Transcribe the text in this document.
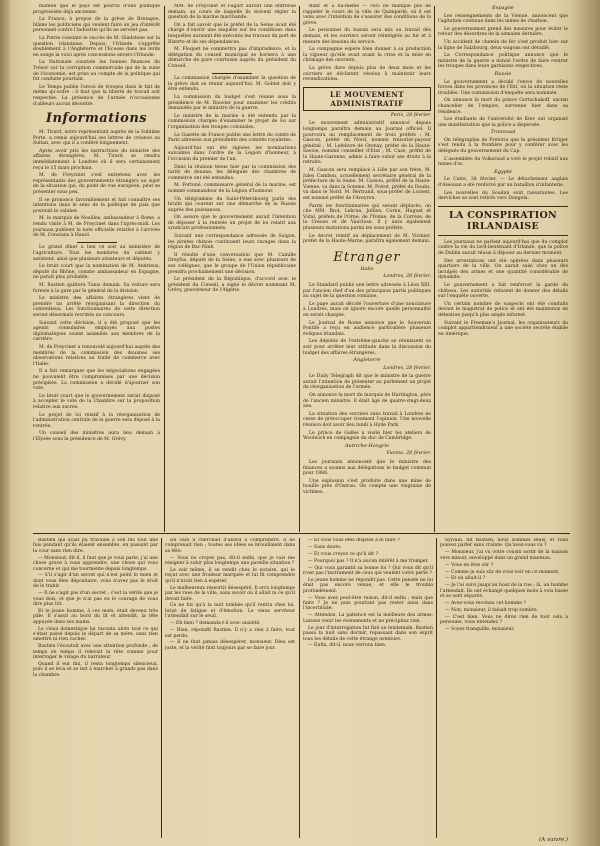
montée que le pays est pourvu d'une politique progressiste déjà ancienne.

La France, à propos de la grève de Bretagne, blâme les politiciens qui veulent faire un jeu d'intérêt personnel contre l'industrie qu'ils ne servent pas.

La Patrie constate le succès de M. Gladstone sur la question irlandaise. Depuis, l'Irlande s'apprête doublement à l'Angleterre et l'Ecosse dans les lords en songe la voici après concessions envers l'Irlande.

La Nationale constate les bonnes finances du Trésor sur la corruption commerciale qui de la suite de l'économie, est prise au compte de la politique qui fut conduite pourtant.

Le Temps publie l'envoi de troupes dans le fait de même qu'ordre : il faut que la liberté de travail soit respectée. La présence de l'armée n'occasionne d'ailleurs aucun désordre.

Informations

M. Tirard, notre représentant auprès de la Sublime Porte, a remis aujourd'hui ses lettres de créance au Sultan, avec qui il a conféré longuement.

Après avoir pris les instructions du ministre des affaires étrangères, M. Tirard se rendra immédiatement à Londres où il sera certainement reçu le 15 mars prochain.

M. de Freycinet s'est entretenu avec les représentants des gouvernements étrangers au sujet de la situation qui, du point de vue européen, peut se présenter sous peu.

Il se prononce favorablement et fait connaître ses intentions dans le sens de la politique de paix que poursuit le cabinet.

M. le marquis de Noailles, ambassadeur à Rome, a rendu visite à M. de Freycinet dans l'après-midi. Les journaux publient la note officielle relative à l'arrivée de M. Constans à Hanoï.

Le grand dîner a lieu ce soir au ministère de l'agriculture. Tous les membres du cabinet y assistent, ainsi que plusieurs sénateurs et députés.

Le bruit court que la nomination de M. Andrieux, député du Rhône, comme ambassadeur en Espagne, ne paraît plus probable.

M. Bastien quittera Tunis demain. Sa voiture sera formée à la gare par le général de la division.

Le ministre des affaires étrangères vient de prendre un arrêté réorganisant la direction du contentieux. Les fonctionnaires de cette direction seront désormais recrutés au concours.

Suivant cette décision, il a été proposé que les agents consulaires employés aux postes diplomatiques soient assimilés aux membres de la carrière.

M. de Freycinet a renouvelé aujourd'hui auprès des membres de la commission des douanes ses observations relatives au traité de commerce avec l'Italie.

Il a fait remarquer que les négociations engagées ne pouvaient être compromises par une décision précipitée. La commission a décidé d'ajourner son vote.

Le bruit court que le gouvernement serait disposé à accepter le vote de la Chambre sur la proposition relative aux sucres.

Le projet de loi relatif à la réorganisation de l'administration centrale de la guerre sera déposé à la rentrée.

Un conseil des ministres aura lieu demain à l'Elysée sous la présidence de M. Grévy.

MM. de Freycinet et Fagart auront une entrevue demain, au cours de laquelle ils doivent régler la question de la marine marchande.

On a fait savoir que le préfet de la Seine avait été chargé d'ouvrir une enquête sur les conditions dans lesquelles auraient été exécutés les travaux du port de Bizerte et de ses dépendances.

M. Floquet ne commettra pas d'imprudence, et la délégation du conseil municipal se bornera à une démarche de pure courtoisie auprès du président du Conseil.

La commission chargée d'examiner la question de la grève doit se réunir aujourd'hui. M. Goblet doit y être entendu.

La commission du budget s'est réunie sous la présidence de M. Rouvier pour examiner les crédits demandés par le ministre de la guerre.

Le ministre de la marine a été entendu par la commission chargée d'examiner le projet de loi sur l'organisation des troupes coloniales.

La Gazette de France publie une lettre du comte de Paris adressée aux présidents des comités royalistes.

Aujourd'hui ont été signées les nominations suivantes dans l'ordre de la Légion d'honneur, à l'occasion du premier de l'an.

Dans la réunion tenue hier par la commission des tarifs de douane, les délégués des chambres de commerce ont été entendus.

M. Fortuné, commissaire général de la marine, est nommé commandeur de la Légion d'honneur.

Un télégramme du Saint-Pétersbourg parle des bruits qui courent sur une démarche de la Russie auprès des puissances.

On assure que le gouvernement aurait l'intention de déposer à la rentrée un projet de loi relatif aux syndicats professionnels.

Suivant une correspondance adressée de Saïgon, les pirates chinois continuent leurs ravages dans la région de Bac-Ninh.

Il résulte d'une conversation que M. Camille Dreyfus, député de la Seine, a eue avec plusieurs de ses collègues, que le groupe de l'Union républicaine prendra prochainement une décision.

Le président de la République, d'accord avec le président du Conseil, a signé le décret nommant M. Grévy, gouverneur de l'Algérie.

Bahr et à lui-même — ceci ne manque pas de rappeler le cours de la ville de Quimperlé, où il est venu avec l'intention de s'assurer des conditions de la grève.

Le personnel du bassin sera mis au travail dès demain, et les ouvriers seront réintégrés au fur et à mesure des besoins du service.

La compagnie espère bien donner à sa production la vigueur qu'elle avait avant la crise et la mise en chômage des ouvriers.

La grève dure depuis plus de deux mois et les ouvriers se déclarent résolus à maintenir leurs revendications.

LE MOUVEMENT ADMINISTRATIF
Paris, 28 février.

Le mouvement administratif annoncé depuis longtemps paraîtra demain au Journal officiel. Il pourvoira au remplacement de trois préfets : M. Gascon, préfet du Nord, nommé trésorier-payeur général ; M. Lefebvre de Grenay, préfet de la Haute-Savoie, nommé conseiller d'Etat ; M. Caze, préfet de la Haute-Garonne, admis à faire valoir ses droits à la retraite.

M. Gascon sera remplacé à Lille par son frère, M. Jules Cambon, actuellement secrétaire général de la préfecture de la Seine. M. Cassou, préfet de la Haute-Vienne, va dans la Somme. M. Poirot, préfet du Doubs, va dans le Nord. M. Bertrand, sous-préfet de Lorient, est nommé préfet de l'Aveyron.

Parmi les fonctionnaires qui seront déplacés, on cite MM. Brot, Lebrun, Jullien, Cornu, Huguet et Vidal, préfets de l'Orne, de l'Yonne, de la Corrèze, de la Creuse et de Vaucluse. Il y aura également plusieurs mutations parmi les sous-préfets.

Le décret relatif au déplacement de M. Vicinier, préfet de la Haute-Marne, paraîtra également demain.

Etranger
Italie
Londres, 28 février.

Le Standard publie une lettre adressée à Léon XIII, par l'ancien chef d'un des principaux partis politiques au sujet de la question romaine.

Le pape aurait décidé l'ouverture d'une nonciature à Londres, mais on ignore encore quelle personnalité en serait chargée.

Le Journal de Rome annonce que le Souverain Pontife a reçu en audience particulière plusieurs évêques irlandais.

Les députés de l'extrême-gauche se réunissent ce soir pour arrêter leur attitude dans la discussion du budget des affaires étrangères.

Angleterre
Londres, 28 février.

Le Daily Telegraph dit que le ministre de la guerre aurait l'intention de présenter au parlement un projet de réorganisation de l'armée.

On annonce la mort du marquis de Hartington, père de l'ancien ministre. Il était âgé de quatre-vingt-deux ans.

La situation des ouvriers sans travail à Londres ne cesse de préoccuper vivement l'opinion. Une nouvelle réunion doit avoir lieu lundi à Hyde Park.

Le prince de Galles a visité hier les ateliers de Woolwich en compagnie du duc de Cambridge.

Autriche-Hongrie
Vienne, 28 février.

Les journaux annoncent que le ministre des finances a soumis aux délégations le budget commun pour 1886.

Une explosion s'est produite dans une mine de houille près d'Ostrau. On compte une vingtaine de victimes.

Espagne

Les renseignements de la Vienne, annoncent que l'agitation continue dans les mines de charbon.

Le gouvernement prend des mesures pour éviter le retour des désordres de la semaine dernière.

Un accident de chemin de fer s'est produit hier sur la ligne de Salzbourg, deux wagons ont déraillé.

La Correspondance politique annonce que le ministre de la guerre a donné l'ordre de faire rentrer les troupes dans leurs garnisons respectives.

Russie

Le gouvernement a décidé l'envoi de nouvelles forces dans les provinces de l'Est, où la situation reste troublée. Une commission d'enquête sera nommée.

On annonce la mort du prince Gortschakoff, ancien chancelier de l'empire, survenue hier dans sa résidence.

Les étudiants de l'université de Kiev ont organisé une manifestation que la police a dispersée.

Transvaal

On télégraphie de Pretoria que le président Krüger s'est rendu à la frontière pour y conférer avec les délégués du gouvernement du Cap.

L'assemblée du Volksraad a voté le projet relatif aux mines d'or.

Egypte

Le Caire, 28 février. — Le détachement anglais d'Assouan a été renforcé par un bataillon d'infanterie.

Les nouvelles du Soudan sont rassurantes. Les derviches se sont retirés vers Dongola.

LA CONSPIRATION IRLANDAISE

Les journaux ne parlent aujourd'hui que du complot contre la vie du lord-lieutenant d'Irlande, que la police de Dublin aurait réussi à déjouer au dernier moment.

Des arrestations ont été opérées dans plusieurs quartiers de la ville. On aurait saisi chez un des inculpés des armes et une quantité considérable de dynamite.

Le gouvernement a fait renforcer la garde du château. Les autorités refusent de donner des détails sur l'enquête ouverte.

Un certain nombre de suspects ont été conduits devant le magistrat de police et ont été maintenus en détention jusqu'à plus ample informé.

Suivant le Freeman's Journal, les organisateurs du complot appartiendraient à une société secrète établie en Amérique.

Bastien qui avait pu travaille à son fils tout une fois pendant qu'ils étaient ensemble, en passant par la cour sans rien dire.

— Monsieur, dit-il, il faut que je vous parle, j'ai une chose grave à vous apprendre, une chose qui vous concerne et qui me tourmente depuis longtemps.

— S'il s'agit d'un secret qui n'est point le mien et dont vous êtes dépositaire, vous n'avez pas le droit de le trahir.

— Il ne s'agit pas d'un secret ; c'est la vérité que je vous dois, et que je n'ai pas eu le courage de vous dire plus tôt.

Et le jeune homme, à ces mots, était devenu très pâle. Il s'assit au bord du lit et attendit, la tête appuyée dans ses mains.

Le vieux domestique lui raconta alors tout ce qui s'était passé depuis le départ de sa mère, sans rien omettre ni rien cacher.

Bastien l'écoutait avec une attention profonde ; de temps en temps il relevait la tête comme pour interroger le visage du narrateur.

Quand il eut fini, il resta longtemps silencieux, puis il se leva et se mit à marcher à grands pas dans la chambre.

En vain il cherchait d'abord à comprendre, il ne comprenait rien ; toutes ses idées se brouillaient dans sa tête.

— Vous ne croyez pas, dit-il enfin, que je vais me résigner à subir plus longtemps une pareille situation ?

Le soir même, il se rendit chez le notaire, qui le reçut avec une froideur marquée et lui fit comprendre qu'il n'avait rien à espérer.

Le malheureux ressortit désespéré. Il erra longtemps par les rues de la ville, sans savoir où il allait ni ce qu'il devait faire.

Ce ne fut qu'à la nuit tombée qu'il rentra chez lui, brisé de fatigue et d'émotion. Le vieux serviteur l'attendait sur le seuil.

— Eh bien ? demanda-t-il avec anxiété.

— Rien, répondit Bastien. Il n'y a rien à faire, tout est perdu.

— Il ne faut jamais désespérer, monsieur. Dieu est juste, et la vérité finit toujours par se faire jour.

— Et vous vous êtes disposé à le faire ?

— Sans doute.

— Et vous croyez ce qu'il dit ?

— Pourquoi pas ? Il n'a aucun intérêt à me tromper.

— Qui vous garantit sa bonne foi ? Qui vous dit qu'il n'est pas l'instrument de ceux qui veulent votre perte ?

Le jeune homme ne répondit pas. Cette pensée ne lui était pas encore venue, et elle le troubla profondément.

— Vous avez peut-être raison, dit-il enfin ; mais que faire ? Je ne puis pourtant pas rester ainsi dans l'incertitude.

— Attendez. La patience est la meilleure des armes. Laissez venir les événements et ne précipitez rien.

Le jour d'interrogation fut fixé au lendemain. Bastien passa la nuit sans dormir, repassant dans son esprit tous les détails de cette étrange aventure.

— Enfin, dit-il, nous verrons bien.

Sylvain, dit Bastien, nous sommes seuls, et vous pouvez parler sans crainte. Qu'avez-vous vu ?

— Monsieur, j'ai vu votre cousin sortir de la maison vers minuit, enveloppé dans un grand manteau.

— Vous en êtes sûr ?

— Comme je suis sûr de vous voir en ce moment.

— Et où allait-il ?

— Je l'ai suivi jusqu'au bout de la rue ; là, un homme l'attendait. Ils ont échangé quelques mots à voix basse et se sont séparés.

— Avez-vous reconnu cet homme ?

— Non, monsieur, il faisait trop sombre.

— C'est bien. Vous ne direz rien de tout cela à personne, vous entendez ?

— Soyez tranquille, monsieur.

(A suivre.)
